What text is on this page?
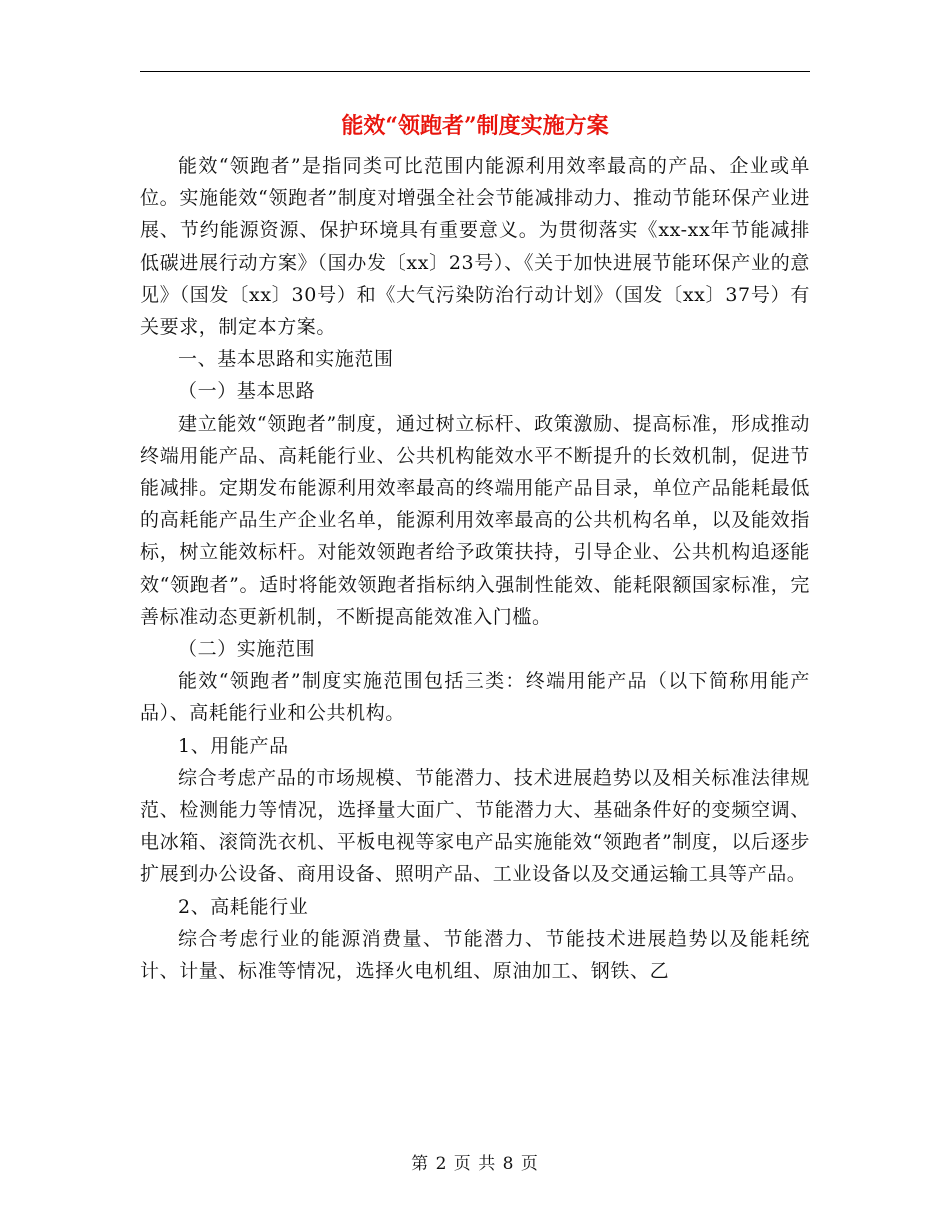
能效“领跑者”制度实施方案

能效“领跑者”是指同类可比范围内能源利用效率最高的产品、企业或单位。实施能效“领跑者”制度对增强全社会节能减排动力、推动节能环保产业进展、节约能源资源、保护环境具有重要意义。为贯彻落实《xx-xx年节能减排低碳进展行动方案》（国办发〔xx〕23号）、《关于加快进展节能环保产业的意见》（国发〔xx〕30号）和《大气污染防治行动计划》（国发〔xx〕37号）有关要求，制定本方案。

一、基本思路和实施范围

（一）基本思路

建立能效“领跑者”制度，通过树立标杆、政策激励、提高标准，形成推动终端用能产品、高耗能行业、公共机构能效水平不断提升的长效机制，促进节能减排。定期发布能源利用效率最高的终端用能产品目录，单位产品能耗最低的高耗能产品生产企业名单，能源利用效率最高的公共机构名单，以及能效指标，树立能效标杆。对能效领跑者给予政策扶持，引导企业、公共机构追逐能效“领跑者”。适时将能效领跑者指标纳入强制性能效、能耗限额国家标准，完善标准动态更新机制，不断提高能效准入门槛。

（二）实施范围

能效“领跑者”制度实施范围包括三类：终端用能产品（以下简称用能产品）、高耗能行业和公共机构。

1、用能产品

综合考虑产品的市场规模、节能潜力、技术进展趋势以及相关标准法律规范、检测能力等情况，选择量大面广、节能潜力大、基础条件好的变频空调、电冰箱、滚筒洗衣机、平板电视等家电产品实施能效“领跑者”制度，以后逐步扩展到办公设备、商用设备、照明产品、工业设备以及交通运输工具等产品。

2、高耗能行业

综合考虑行业的能源消费量、节能潜力、节能技术进展趋势以及能耗统计、计量、标准等情况，选择火电机组、原油加工、钢铁、乙

第 2 页 共 8 页
